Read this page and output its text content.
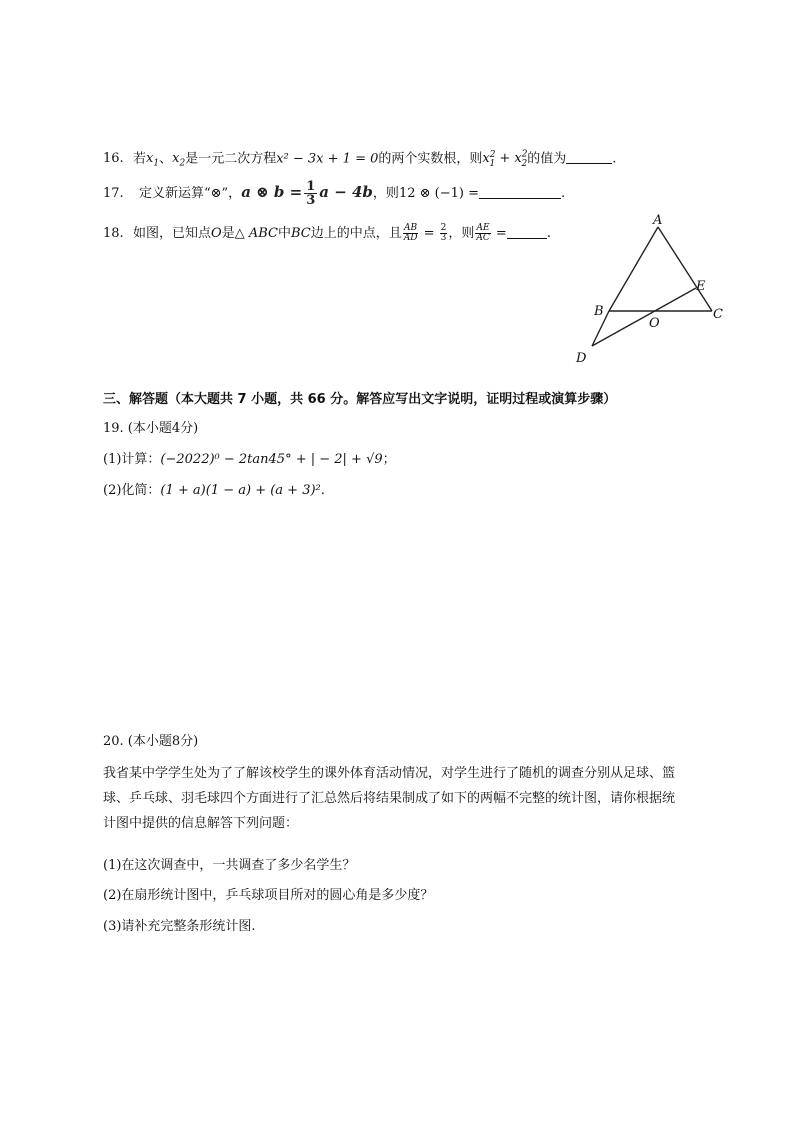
16. 若$x_1$、$x_2$是一元二次方程x² − 3x + 1 = 0的两个实数根，则$x^2_1 + x^2_2$的值为	.
17. 定义新运算“⊗”，a ⊗ $b = \frac{1}{3}$ a − 4b，则12 ⊗ (−1) =	.
18. 如图，已知点O是△ ABC中BC边上的中点，且 $\frac{AB}{AD} = \frac{2}{3}$ ，则 $\frac{AE}{AC}$ =	.
A
B	C
D
E
O
三、解答题（本大题共 7 小题，共 66 分。解答应写出文字说明，证明过程或演算步骤）
19. (本小题4分)
(1)计算：(−2022)⁰ − 2tan45° + | − 2| + √9；
(2)化简：(1 + a)(1 − a) + (a + 3)².
20. (本小题8分)
我省某中学学生处为了了解该校学生的课外体育活动情况，对学生进行了随机的调查分别从足球、篮
球、乒乓球、羽毛球四个方面进行了汇总然后将结果制成了如下的两幅不完整的统计图，请你根据统
计图中提供的信息解答下列问题：
(1)在这次调查中，一共调查了多少名学生？
(2)在扇形统计图中，乒乓球项目所对的圆心角是多少度？
(3)请补充完整条形统计图.
